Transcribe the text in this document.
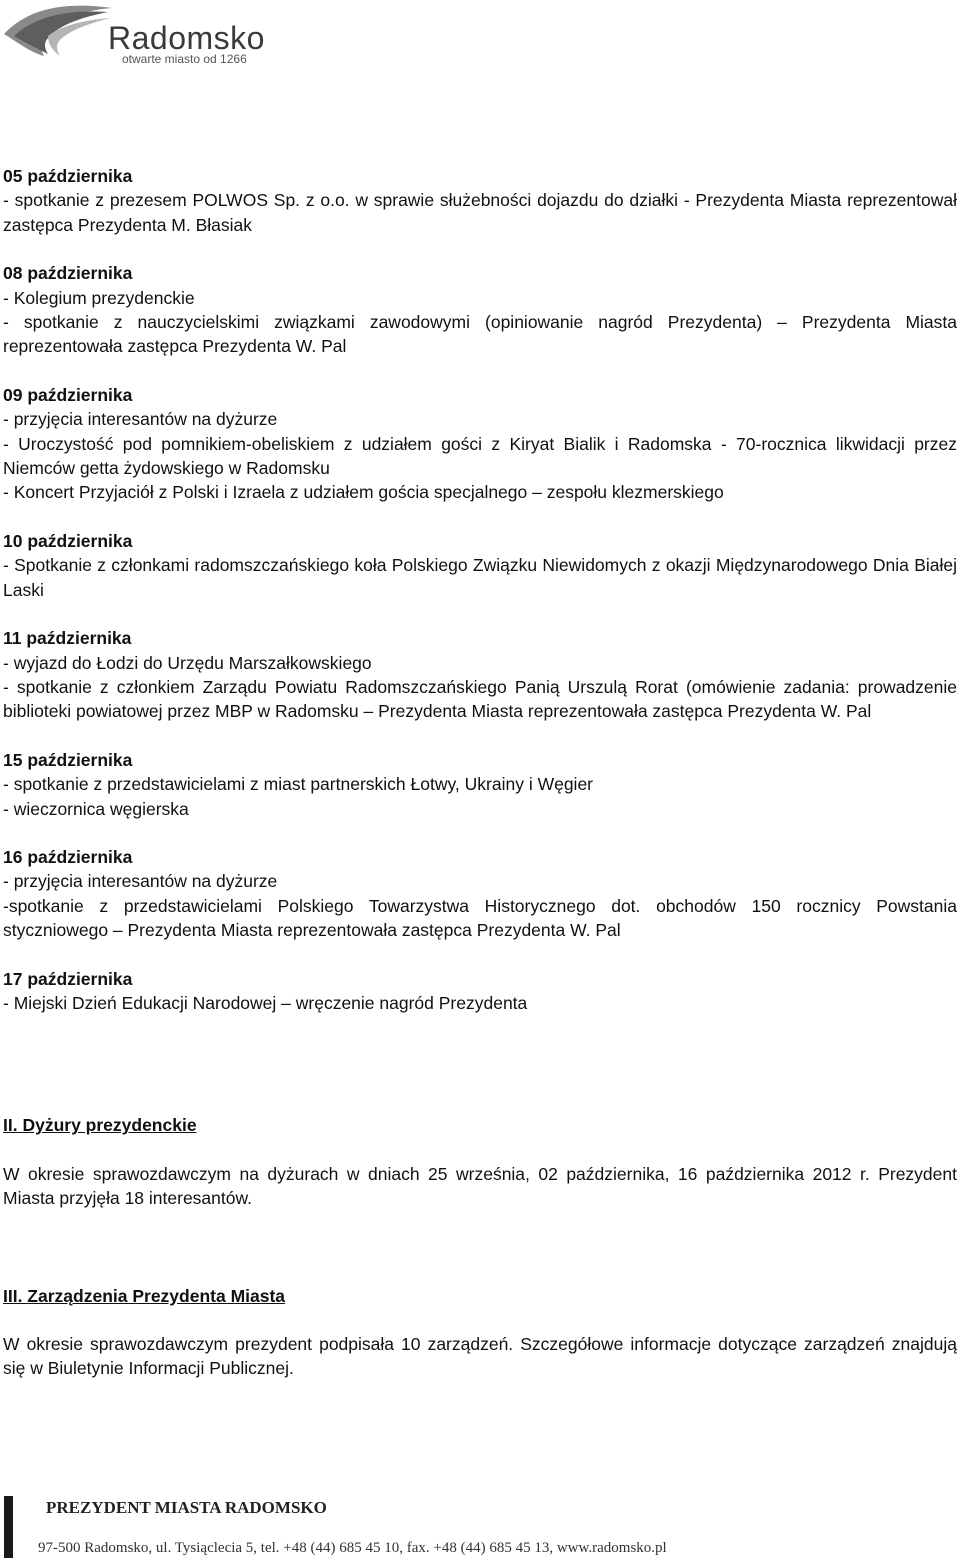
Radomsko
otwarte miasto od 1266
05 października
- spotkanie z prezesem POLWOS Sp. z o.o. w sprawie służebności dojazdu do działki - Prezydenta Miasta reprezentował zastępca Prezydenta M. Błasiak
08 października
- Kolegium prezydenckie
- spotkanie z nauczycielskimi związkami zawodowymi (opiniowanie nagród Prezydenta) – Prezydenta Miasta reprezentowała zastępca Prezydenta W. Pal
09 października
- przyjęcia interesantów na dyżurze
- Uroczystość pod pomnikiem-obeliskiem z udziałem gości z Kiryat Bialik i Radomska - 70-rocznica likwidacji przez Niemców getta żydowskiego w Radomsku
- Koncert Przyjaciół z Polski i Izraela z udziałem gościa specjalnego – zespołu klezmerskiego
10 października
- Spotkanie z członkami radomszczańskiego koła Polskiego Związku Niewidomych z okazji Międzynarodowego Dnia Białej Laski
11 października
- wyjazd do Łodzi do Urzędu Marszałkowskiego
- spotkanie z członkiem Zarządu Powiatu Radomszczańskiego Panią Urszulą Rorat (omówienie zadania: prowadzenie biblioteki powiatowej przez MBP w Radomsku – Prezydenta Miasta reprezentowała zastępca Prezydenta W. Pal
15 października
- spotkanie z przedstawicielami z miast partnerskich Łotwy, Ukrainy i Węgier
- wieczornica węgierska
16 października
- przyjęcia interesantów na dyżurze
-spotkanie z przedstawicielami Polskiego Towarzystwa Historycznego dot. obchodów 150 rocznicy Powstania styczniowego – Prezydenta Miasta reprezentowała zastępca Prezydenta W. Pal
17 października
- Miejski Dzień Edukacji Narodowej – wręczenie nagród Prezydenta
II. Dyżury prezydenckie
W okresie sprawozdawczym na dyżurach w dniach 25 września, 02 października, 16 października 2012 r. Prezydent Miasta przyjęła 18 interesantów.
III. Zarządzenia Prezydenta Miasta
W okresie sprawozdawczym prezydent podpisała 10 zarządzeń. Szczegółowe informacje dotyczące zarządzeń znajdują się w Biuletynie Informacji Publicznej.
PREZYDENT MIASTA RADOMSKO
97-500 Radomsko, ul. Tysiąclecia 5, tel. +48 (44) 685 45 10, fax. +48 (44) 685 45 13, www.radomsko.pl
